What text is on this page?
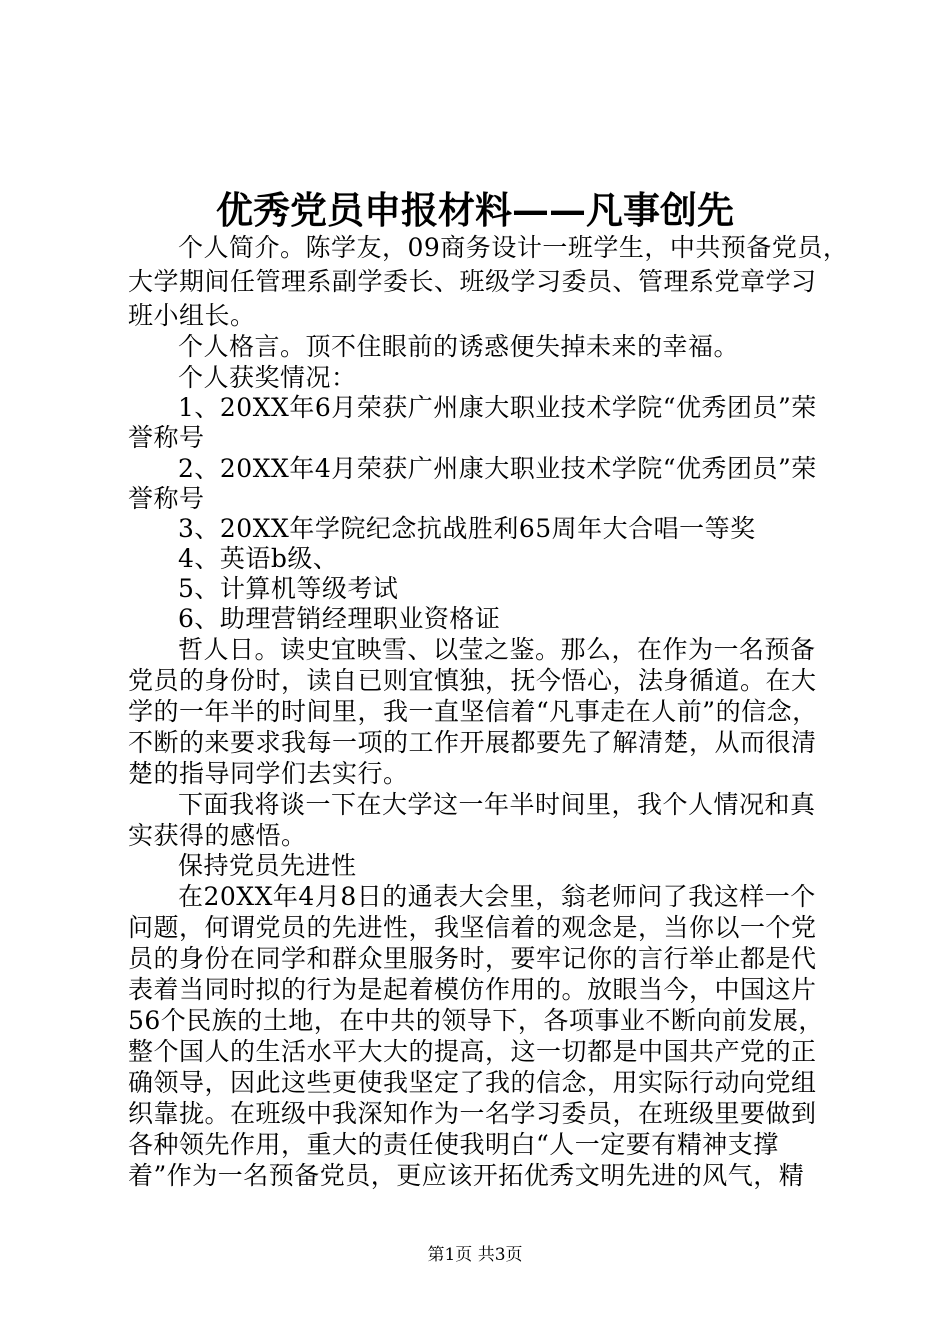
优秀党员申报材料——凡事创先
个人简介。陈学友，09商务设计一班学生，中共预备党员，
大学期间任管理系副学委长、班级学习委员、管理系党章学习
班小组长。
个人格言。顶不住眼前的诱惑便失掉未来的幸福。
个人获奖情况：
1、20XX年6月荣获广州康大职业技术学院“优秀团员”荣
誉称号
2、20XX年4月荣获广州康大职业技术学院“优秀团员”荣
誉称号
3、20XX年学院纪念抗战胜利65周年大合唱一等奖
4、英语b级、
5、计算机等级考试
6、助理营销经理职业资格证
哲人日。读史宜映雪、以莹之鉴。那么，在作为一名预备
党员的身份时，读自已则宜慎独，抚今悟心，法身循道。在大
学的一年半的时间里，我一直坚信着“凡事走在人前”的信念，
不断的来要求我每一项的工作开展都要先了解清楚，从而很清
楚的指导同学们去实行。
下面我将谈一下在大学这一年半时间里，我个人情况和真
实获得的感悟。
保持党员先进性
在20XX年4月8日的通表大会里，翁老师问了我这样一个
问题，何谓党员的先进性，我坚信着的观念是，当你以一个党
员的身份在同学和群众里服务时，要牢记你的言行举止都是代
表着当同时拟的行为是起着模仿作用的。放眼当今，中国这片
56个民族的土地，在中共的领导下，各项事业不断向前发展，
整个国人的生活水平大大的提高，这一切都是中国共产党的正
确领导，因此这些更使我坚定了我的信念，用实际行动向党组
织靠拢。在班级中我深知作为一名学习委员，在班级里要做到
各种领先作用，重大的责任使我明白“人一定要有精神支撑
着”作为一名预备党员，更应该开拓优秀文明先进的风气，精
第1页 共3页
